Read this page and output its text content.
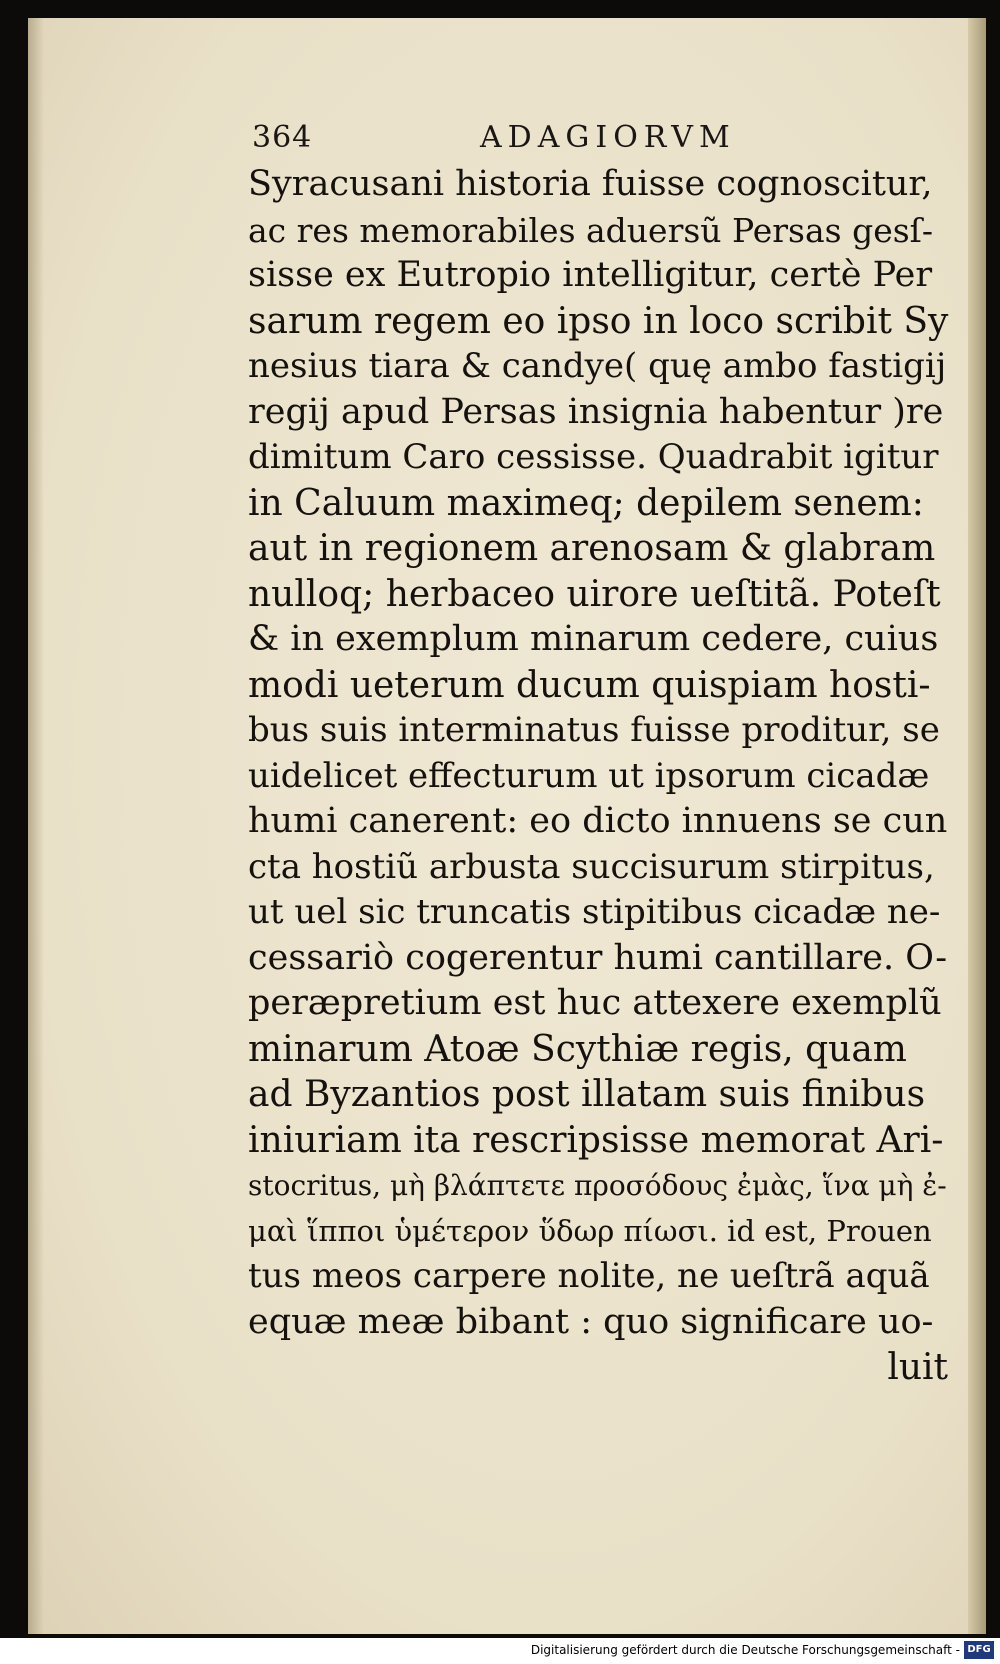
364	ADAGIORVM
Syracusani historia fuisse cognoscitur,
ac res memorabiles aduersũ Persas gesſ-
sisse ex Eutropio intelligitur, certè Per
sarum regem eo ipso in loco scribit Sy
nesius tiara & candye( quę ambo fastigij
regij apud Persas insignia habentur )re
dimitum Caro cessisse. Quadrabit igitur
in Caluum maximeq; depilem senem:
aut in regionem arenosam & glabram
nulloq; herbaceo uirore ueſtitã. Poteſt
& in exemplum minarum cedere, cuius
modi ueterum ducum quispiam hosti-
bus suis interminatus fuisse proditur, se
uidelicet effecturum ut ipsorum cicadæ
humi canerent: eo dicto innuens se cun
cta hostiũ arbusta succisurum stirpitus,
ut uel sic truncatis stipitibus cicadæ ne-
cessariò cogerentur humi cantillare. O-
peræpretium est huc attexere exemplũ
minarum Atoæ Scythiæ regis, quam
ad Byzantios post illatam suis finibus
iniuriam ita rescripsisse memorat Ari-
stocritus, μὴ βλάπτετε προσόδους ἐμὰς, ἵνα μὴ ἐ-
μαὶ ἵπποι ὑμέτερον ὕδωρ πίωσι. id est, Prouen
tus meos carpere nolite, ne ueſtrã aquã
equæ meæ bibant : quo significare uo-
luit
Digitalisierung gefördert durch die Deutsche Forschungsgemeinschaft - DFG
